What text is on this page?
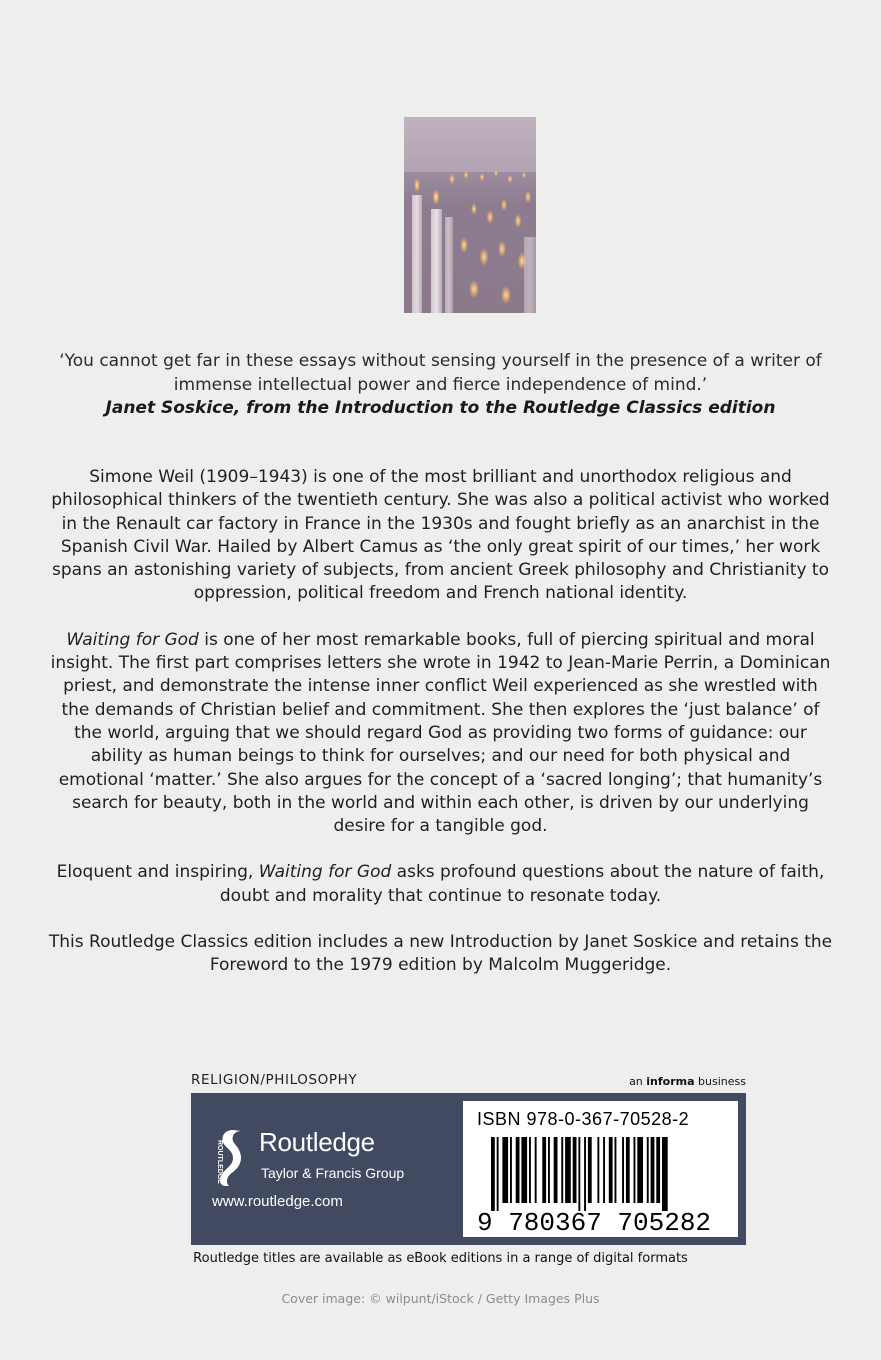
‘You cannot get far in these essays without sensing yourself in the presence of a writer of immense intellectual power and fierce independence of mind.’
Janet Soskice, from the Introduction to the Routledge Classics edition

Simone Weil (1909–1943) is one of the most brilliant and unorthodox religious and philosophical thinkers of the twentieth century. She was also a political activist who worked in the Renault car factory in France in the 1930s and fought briefly as an anarchist in the Spanish Civil War. Hailed by Albert Camus as ‘the only great spirit of our times,’ her work spans an astonishing variety of subjects, from ancient Greek philosophy and Christianity to oppression, political freedom and French national identity.

Waiting for God is one of her most remarkable books, full of piercing spiritual and moral insight. The first part comprises letters she wrote in 1942 to Jean-Marie Perrin, a Dominican priest, and demonstrate the intense inner conflict Weil experienced as she wrestled with the demands of Christian belief and commitment. She then explores the ‘just balance’ of the world, arguing that we should regard God as providing two forms of guidance: our ability as human beings to think for ourselves; and our need for both physical and emotional ‘matter.’ She also argues for the concept of a ‘sacred longing’; that humanity’s search for beauty, both in the world and within each other, is driven by our underlying desire for a tangible god.

Eloquent and inspiring, Waiting for God asks profound questions about the nature of faith, doubt and morality that continue to resonate today.

This Routledge Classics edition includes a new Introduction by Janet Soskice and retains the Foreword to the 1979 edition by Malcolm Muggeridge.

RELIGION/PHILOSOPHY	an informa business
ROUTLEDGE Routledge
Taylor & Francis Group
www.routledge.com
ISBN 978-0-367-70528-2
9 780367 705282
Routledge titles are available as eBook editions in a range of digital formats
Cover image: © wilpunt/iStock / Getty Images Plus
